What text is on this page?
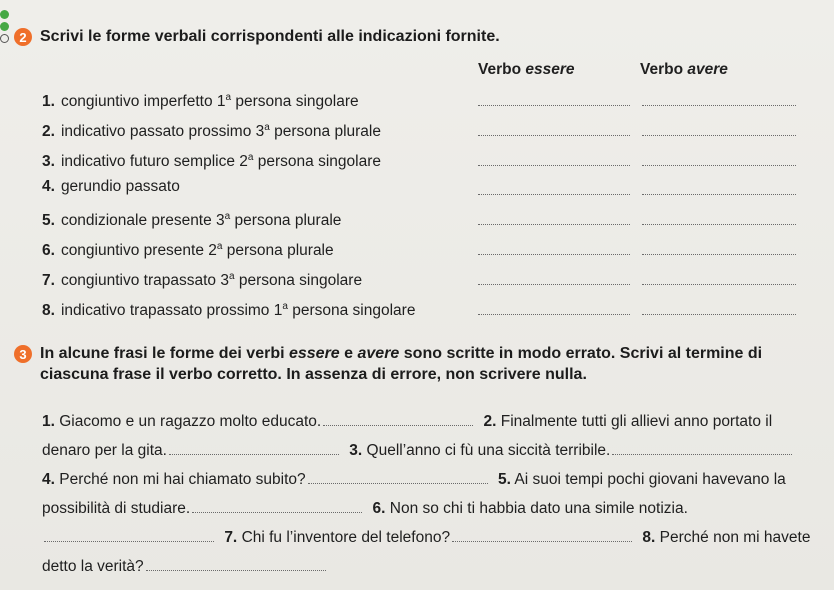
2 Scrivi le forme verbali corrispondenti alle indicazioni fornite.
Verbo essere	Verbo avere
1. congiuntivo imperfetto 1$^a$ persona singolare
2. indicativo passato prossimo 3$^a$ persona plurale
3. indicativo futuro semplice 2$^a$ persona singolare
4. gerundio passato
5. condizionale presente 3$^a$ persona plurale
6. congiuntivo presente 2$^a$ persona plurale
7. congiuntivo trapassato 3$^a$ persona singolare
8. indicativo trapassato prossimo 1$^a$ persona singolare
3 In alcune frasi le forme dei verbi essere e avere sono scritte in modo errato. Scrivi al termine di ciascuna frase il verbo corretto. In assenza di errore, non scrivere nulla.
1. Giacomo e un ragazzo molto educato.	2. Finalmente tutti gli allievi anno portato il denaro per la gita.	3. Quell’anno ci fù una siccità terribile. 4. Perché non mi hai chiamato subito?	5. Ai suoi tempi pochi giovani havevano la possibilità di studiare.	6. Non so chi ti habbia dato una simile notizia. 7. Chi fu l’inventore del telefono?	8. Perché non mi havete detto la verità?
